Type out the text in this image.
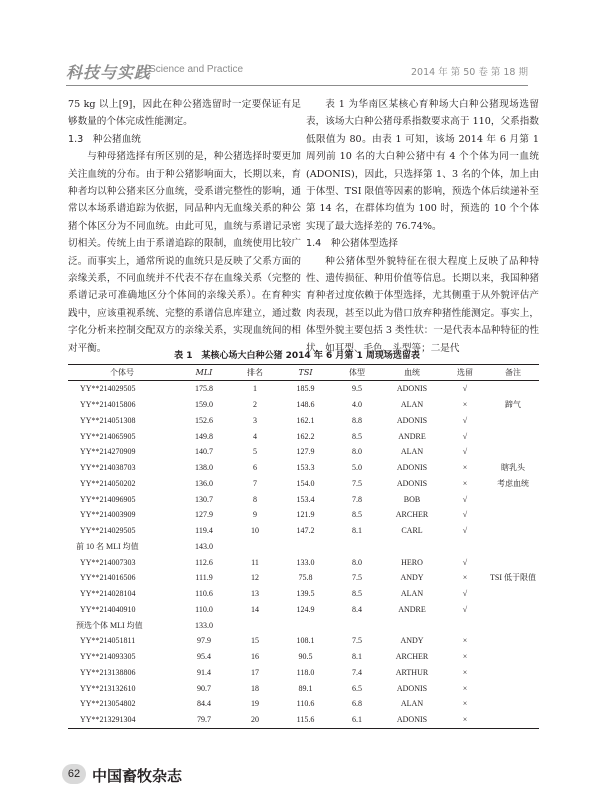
科技与实践
· Science and Practice	2014 年 第 50 卷 第 18 期

75 kg 以上[9]，因此在种公猪选留时一定要保证有足够数量的个体完成性能测定。

1.3　种公猪血统

与种母猪选择有所区别的是，种公猪选择时要更加关注血统的分布。由于种公猪影响面大，长期以来，育种者均以种公猪来区分血统，受系谱完整性的影响，通常以本场系谱追踪为依据，同品种内无血缘关系的种公猪个体区分为不同血统。由此可见，血统与系谱记录密切相关。传统上由于系谱追踪的限制，血统使用比较广泛。而事实上，通常所说的血统只是反映了父系方面的亲缘关系，不同血统并不代表不存在血缘关系（完整的系谱记录可准确地区分个体间的亲缘关系）。在育种实践中，应该重视系统、完整的系谱信息库建立，通过数字化分析来控制交配双方的亲缘关系，实现血统间的相对平衡。

表 1 为华南区某核心育种场大白种公猪现场选留表，该场大白种公猪母系指数要求高于 110，父系指数低限值为 80。由表 1 可知，该场 2014 年 6 月第 1 周列前 10 名的大白种公猪中有 4 个个体为同一血统(ADONIS)，因此，只选择第 1、3 名的个体，加上由于体型、TSI 限值等因素的影响，预选个体后续递补至第 14 名，在群体均值为 100 时，预选的 10 个个体实现了最大选择差的 76.74%。

1.4　种公猪体型选择

种公猪体型外貌特征在很大程度上反映了品种特性、遗传损征、种用价值等信息。长期以来，我国种猪育种者过度依赖于体型选择，尤其侧重于从外貌评估产肉表现，甚至以此为借口放弃种猪性能测定。事实上，体型外貌主要包括 3 类性状：一是代表本品种特征的性状，如耳型、毛色、头型等；二是代

表 1　某核心场大白种公猪 2014 年 6 月第 1 周现场选留表
个体号	MLI	排名	TSI	体型	血统	选留	备注
YY**214029505	175.8	1	185.9	9.5	ADONIS	√	
YY**214015806	159.0	2	148.6	4.0	ALAN	×	蹄气
YY**214051308	152.6	3	162.1	8.8	ADONIS	√	
YY**214065905	149.8	4	162.2	8.5	ANDRE	√	
YY**214270909	140.7	5	127.9	8.0	ALAN	√	
YY**214038703	138.0	6	153.3	5.0	ADONIS	×	瞎乳头
YY**214050202	136.0	7	154.0	7.5	ADONIS	×	考虑血统
YY**214096905	130.7	8	153.4	7.8	BOB	√	
YY**214003909	127.9	9	121.9	8.5	ARCHER	√	
YY**214029505	119.4	10	147.2	8.1	CARL	√	
前 10 名 MLI 均值	143.0						
YY**214007303	112.6	11	133.0	8.0	HERO	√	
YY**214016506	111.9	12	75.8	7.5	ANDY	×	TSI 低于限值
YY**214028104	110.6	13	139.5	8.5	ALAN	√	
YY**214040910	110.0	14	124.9	8.4	ANDRE	√	
预选个体 MLI 均值	133.0						
YY**214051811	97.9	15	108.1	7.5	ANDY	×	
YY**214093305	95.4	16	90.5	8.1	ARCHER	×	
YY**213138806	91.4	17	118.0	7.4	ARTHUR	×	
YY**213132610	90.7	18	89.1	6.5	ADONIS	×	
YY**213054802	84.4	19	110.6	6.8	ALAN	×	
YY**213291304	79.7	20	115.6	6.1	ADONIS	×	
62 中国畜牧杂志
